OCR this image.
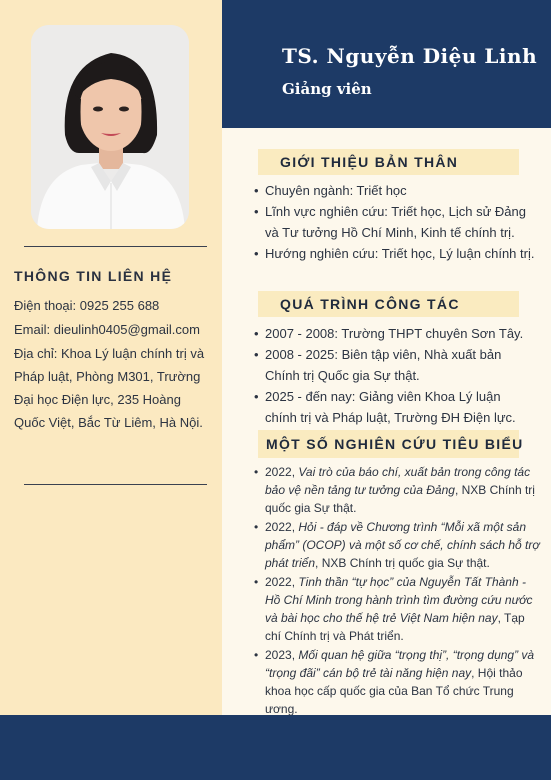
TS. Nguyễn Diệu Linh
Giảng viên
THÔNG TIN LIÊN HỆ
Điện thoại: 0925 255 688
Email: dieulinh0405@gmail.com
Địa chỉ: Khoa Lý luận chính trị và
Pháp luật, Phòng M301, Trường
Đại học Điện lực, 235 Hoàng
Quốc Việt, Bắc Từ Liêm, Hà Nội.
GIỚI THIỆU BẢN THÂN
• Chuyên ngành: Triết học
• Lĩnh vực nghiên cứu: Triết học, Lịch sử Đảng và Tư tưởng Hồ Chí Minh, Kinh tế chính trị.
• Hướng nghiên cứu: Triết học, Lý luận chính trị.
QUÁ TRÌNH CÔNG TÁC
• 2007 - 2008: Trường THPT chuyên Sơn Tây.
• 2008 - 2025: Biên tập viên, Nhà xuất bản Chính trị Quốc gia Sự thật.
• 2025 - đến nay: Giảng viên Khoa Lý luận chính trị và Pháp luật, Trường ĐH Điện lực.
MỘT SỐ NGHIÊN CỨU TIÊU BIỂU
• 2022, Vai trò của báo chí, xuất bản trong công tác bảo vệ nền tảng tư tưởng của Đảng, NXB Chính trị quốc gia Sự thật.
• 2022, Hỏi - đáp về Chương trình “Mỗi xã một sản phẩm” (OCOP) và một số cơ chế, chính sách hỗ trợ phát triển, NXB Chính trị quốc gia Sự thật.
• 2022, Tinh thần “tự học” của Nguyễn Tất Thành - Hồ Chí Minh trong hành trình tìm đường cứu nước và bài học cho thế hệ trẻ Việt Nam hiện nay, Tạp chí Chính trị và Phát triển.
• 2023, Mối quan hệ giữa “trọng thị”, “trọng dụng” và “trọng đãi” cán bộ trẻ tài năng hiện nay, Hội thảo khoa học cấp quốc gia của Ban Tổ chức Trung ương.
